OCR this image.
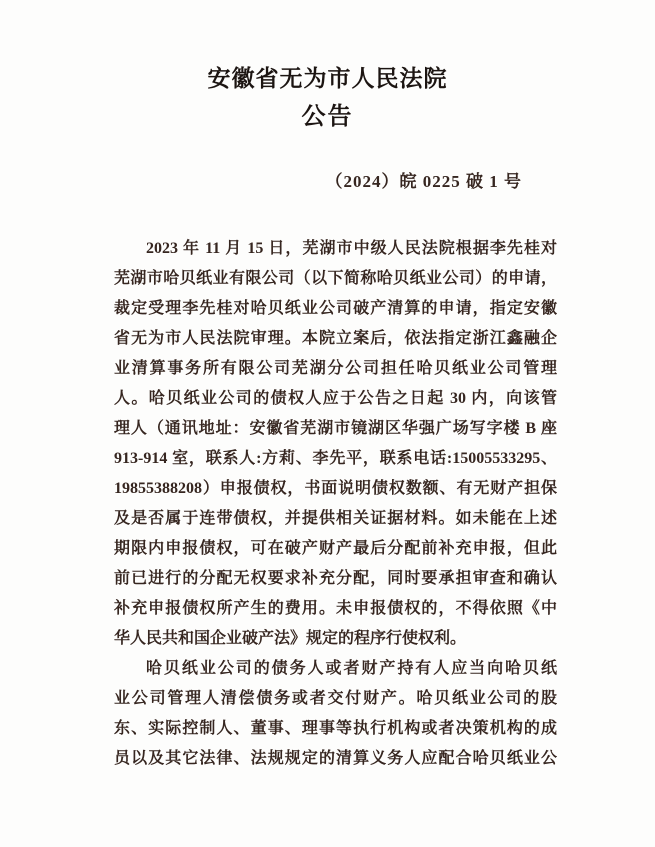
安徽省无为市人民法院
公告
（2024）皖 0225 破 1 号
2023 年 11 月 15 日，芜湖市中级人民法院根据李先桂对
芜湖市哈贝纸业有限公司（以下简称哈贝纸业公司）的申请，
裁定受理李先桂对哈贝纸业公司破产清算的申请，指定安徽
省无为市人民法院审理。本院立案后，依法指定浙江鑫融企
业清算事务所有限公司芜湖分公司担任哈贝纸业公司管理
人。哈贝纸业公司的债权人应于公告之日起 30 内，向该管
理人（通讯地址：安徽省芜湖市镜湖区华强广场写字楼 B 座
913-914 室，联系人:方莉、李先平，联系电话:15005533295、
19855388208）申报债权，书面说明债权数额、有无财产担保
及是否属于连带债权，并提供相关证据材料。如未能在上述
期限内申报债权，可在破产财产最后分配前补充申报，但此
前已进行的分配无权要求补充分配，同时要承担审查和确认
补充申报债权所产生的费用。未申报债权的，不得依照《中
华人民共和国企业破产法》规定的程序行使权利。
哈贝纸业公司的债务人或者财产持有人应当向哈贝纸
业公司管理人清偿债务或者交付财产。哈贝纸业公司的股
东、实际控制人、董事、理事等执行机构或者决策机构的成
员以及其它法律、法规规定的清算义务人应配合哈贝纸业公
